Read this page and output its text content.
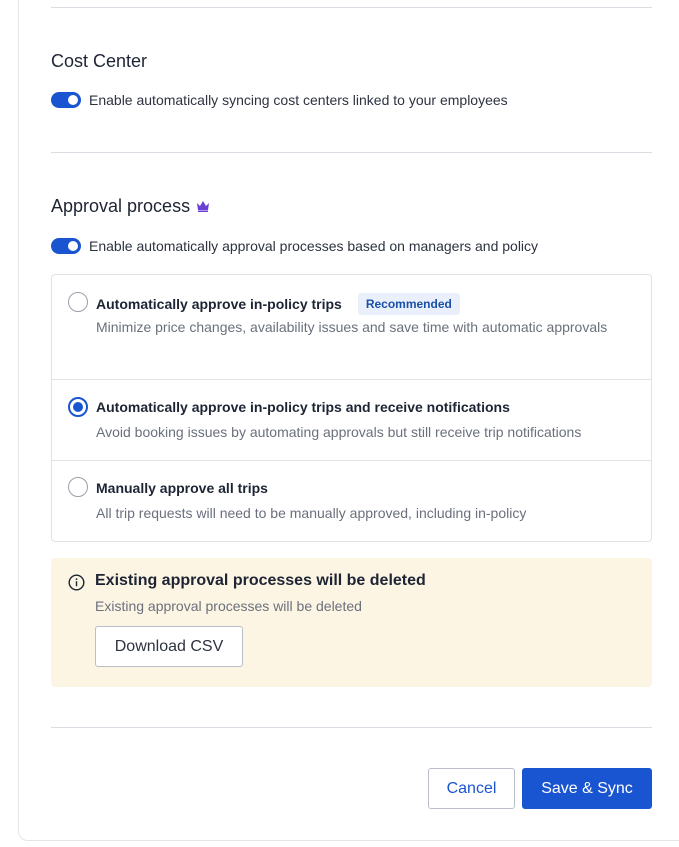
Cost Center
Enable automatically syncing cost centers linked to your employees
Approval process
Enable automatically approval processes based on managers and policy
Automatically approve in-policy trips	Recommended
Minimize price changes, availability issues and save time with automatic approvals
Automatically approve in-policy trips and receive notifications
Avoid booking issues by automating approvals but still receive trip notifications
Manually approve all trips
All trip requests will need to be manually approved, including in-policy
Existing approval processes will be deleted
Existing approval processes will be deleted
Download CSV
Cancel	Save & Sync
